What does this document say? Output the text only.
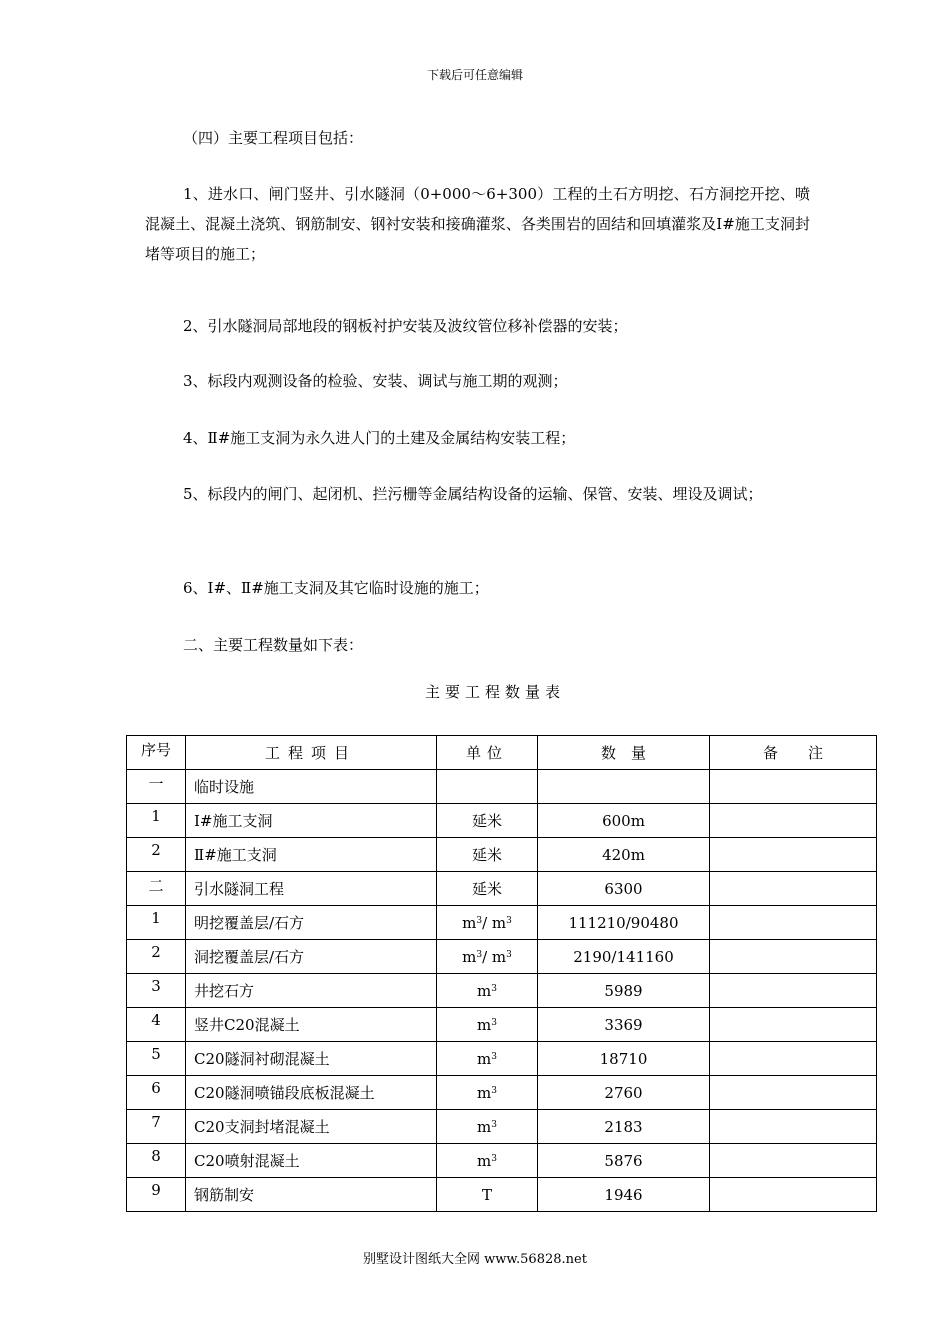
下载后可任意编辑
（四）主要工程项目包括：
1、进水口、闸门竖井、引水隧洞（0+000～6+300）工程的土石方明挖、石方洞挖开挖、喷混凝土、混凝土浇筑、钢筋制安、钢衬安装和接确灌浆、各类围岩的固结和回填灌浆及Ⅰ#施工支洞封堵等项目的施工；
2、引水隧洞局部地段的钢板衬护安装及波纹管位移补偿器的安装；
3、标段内观测设备的检验、安装、调试与施工期的观测；
4、Ⅱ#施工支洞为永久进人门的土建及金属结构安装工程；
5、标段内的闸门、起闭机、拦污栅等金属结构设备的运输、保管、安装、埋设及调试；
6、Ⅰ#、Ⅱ#施工支洞及其它临时设施的施工；
二、主要工程数量如下表：
主要工程数量表
序号	工程项目	单位	数　量	备　　注
一	临时设施			
1	Ⅰ#施工支洞	延米	600m	
2	Ⅱ#施工支洞	延米	420m	
二	引水隧洞工程	延米	6300	
1	明挖覆盖层/石方	$m^3/$ $m^3$	111210/90480	
2	洞挖覆盖层/石方	$m^3/$ $m^3$	2190/141160	
3	井挖石方	$m^3$	5989	
4	竖井C20混凝土	$m^3$	3369	
5	C20隧洞衬砌混凝土	$m^3$	18710	
6	C20隧洞喷锚段底板混凝土	$m^3$	2760	
7	C20支洞封堵混凝土	$m^3$	2183	
8	C20喷射混凝土	$m^3$	5876	
9	钢筋制安	T	1946	
别墅设计图纸大全网 www.56828.net
